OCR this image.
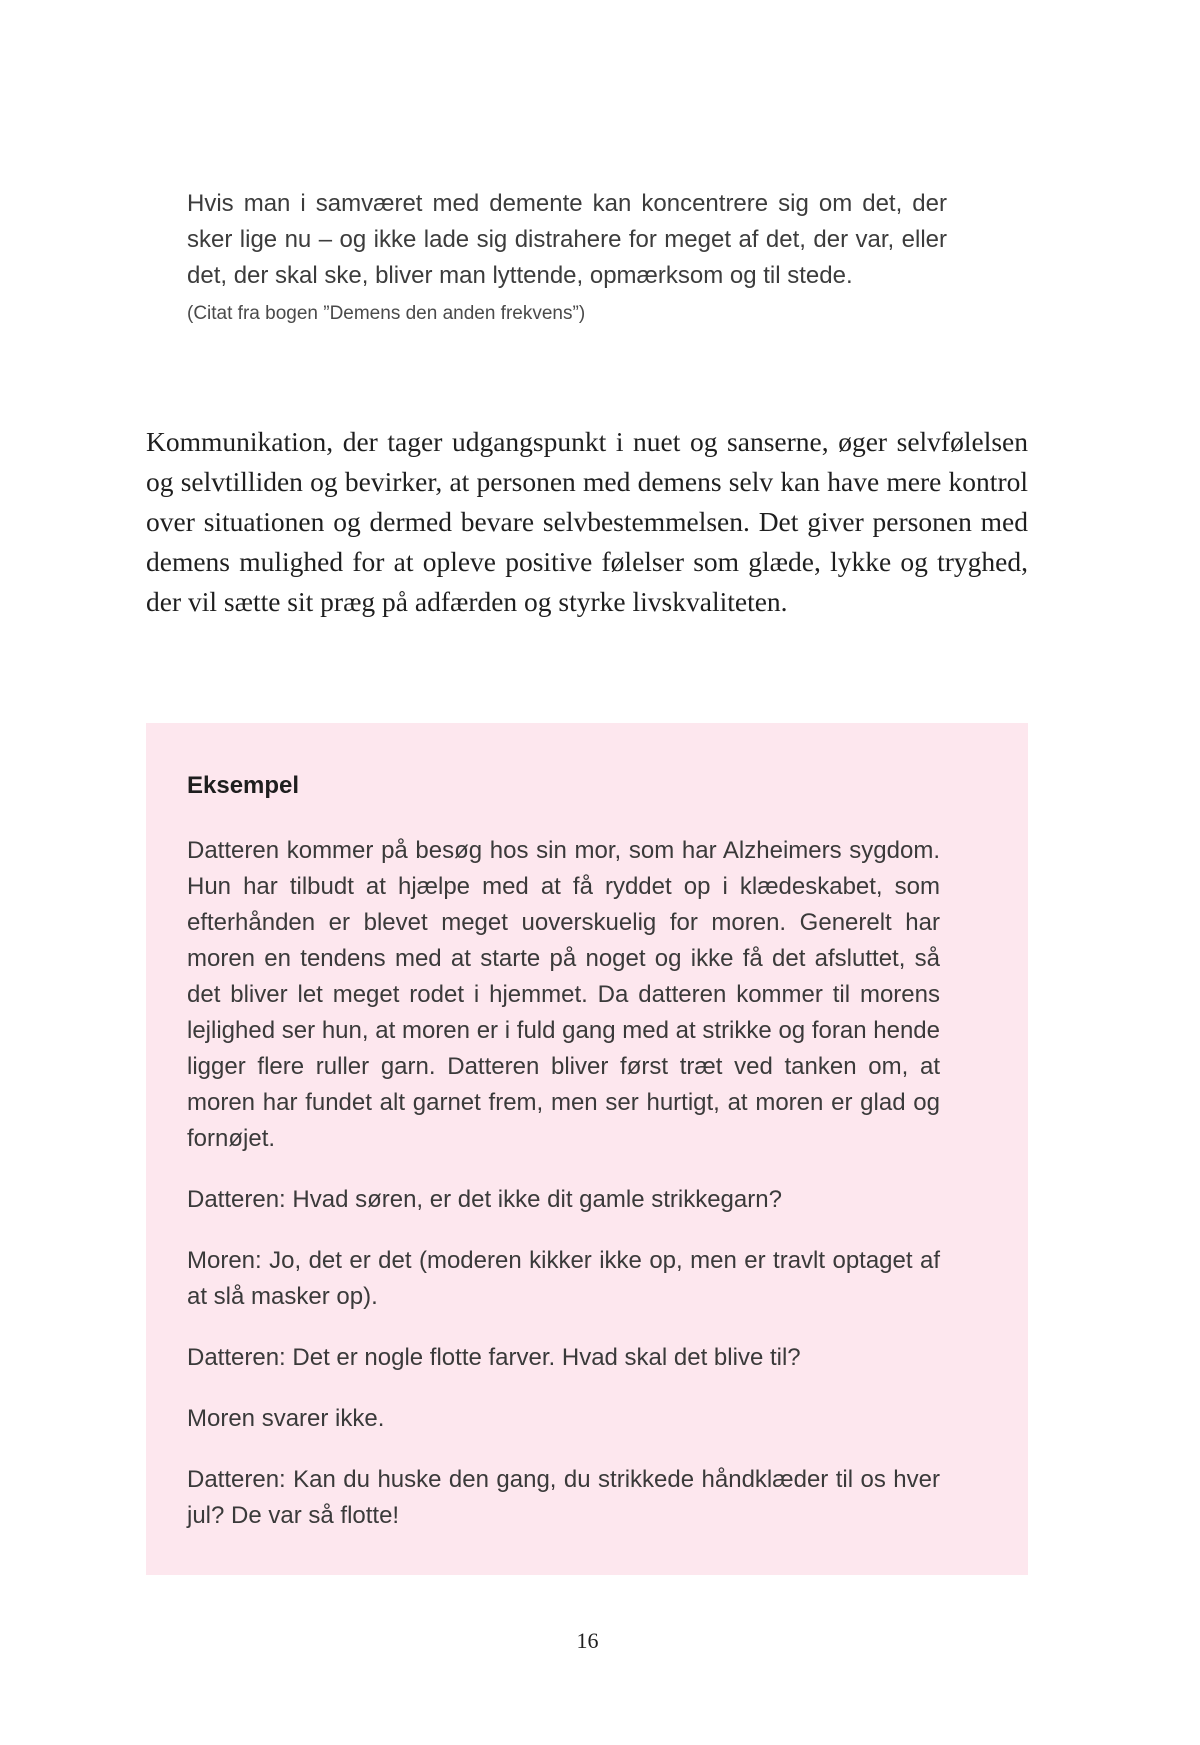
Hvis man i samværet med demente kan koncentrere sig om det, der sker lige nu – og ikke lade sig distrahere for meget af det, der var, eller det, der skal ske, bliver man lyttende, opmærksom og til stede.

(Citat fra bogen ”Demens den anden frekvens”)

Kommunikation, der tager udgangspunkt i nuet og sanserne, øger selvfølelsen og selvtilliden og bevirker, at personen med demens selv kan have mere kontrol over situationen og dermed bevare selvbestemmelsen. Det giver personen med demens mulighed for at opleve positive følelser som glæde, lykke og tryghed, der vil sætte sit præg på adfærden og styrke livskvaliteten.

Eksempel

Datteren kommer på besøg hos sin mor, som har Alzheimers sygdom. Hun har tilbudt at hjælpe med at få ryddet op i klædeskabet, som efterhånden er blevet meget uoverskuelig for moren. Generelt har moren en tendens med at starte på noget og ikke få det afsluttet, så det bliver let meget rodet i hjemmet. Da datteren kommer til morens lejlighed ser hun, at moren er i fuld gang med at strikke og foran hende ligger flere ruller garn. Datteren bliver først træt ved tanken om, at moren har fundet alt garnet frem, men ser hurtigt, at moren er glad og fornøjet.

Datteren: Hvad søren, er det ikke dit gamle strikkegarn?

Moren: Jo, det er det (moderen kikker ikke op, men er travlt optaget af at slå masker op).

Datteren: Det er nogle flotte farver. Hvad skal det blive til?

Moren svarer ikke.

Datteren: Kan du huske den gang, du strikkede håndklæder til os hver jul? De var så flotte!

16
